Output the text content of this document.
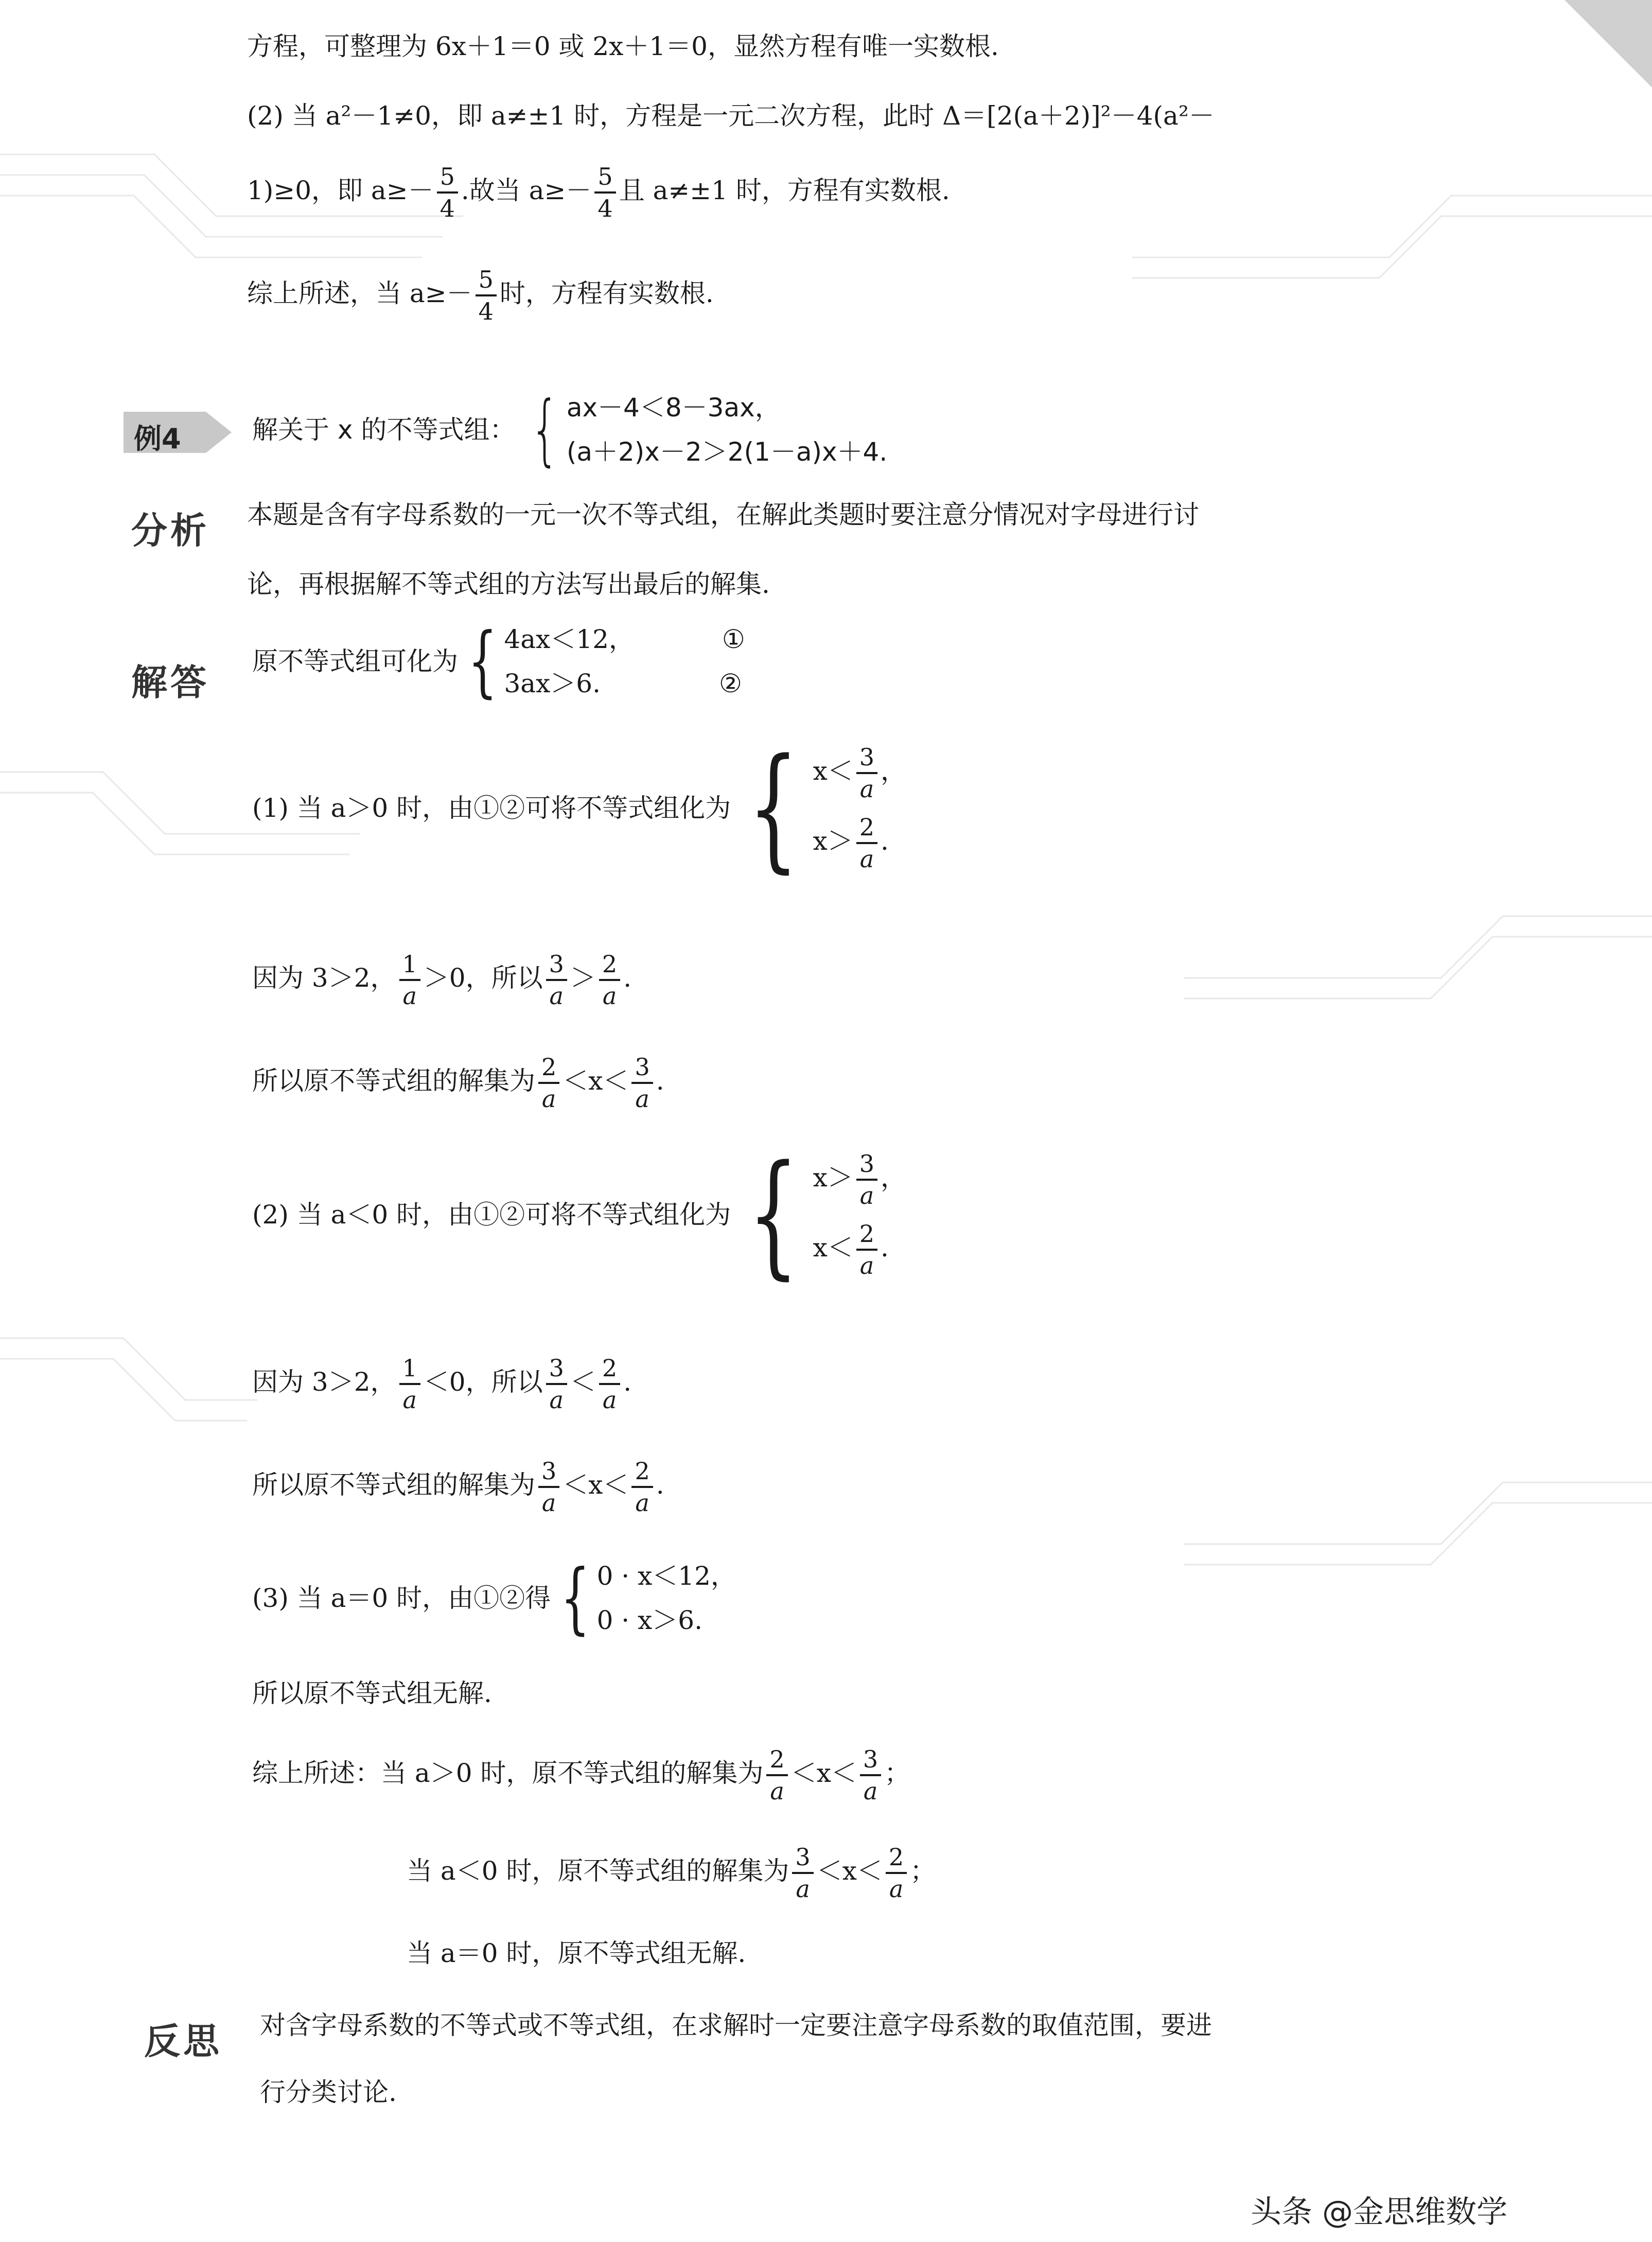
方程，可整理为 6x＋1＝0 或 2x＋1＝0，显然方程有唯一实数根.
(2) 当 a²－1≠0，即 a≠±1 时，方程是一元二次方程，此时 Δ＝[2(a＋2)]²－4(a²－
1)≥0，即 $a\ge- \frac{5}{4}$ .故当 $a\ge- \frac{5}{4}$ 且 a≠±1 时，方程有实数根.
综上所述，当 $a\ge- \frac{5}{4}$ 时，方程有实数根.
例4	解关于 x 的不等式组： { ax－4＜8－3ax，
(a＋2)x－2＞2(1－a)x＋4.
分析 本题是含有字母系数的一元一次不等式组，在解此类题时要注意分情况对字母进行讨
论，再根据解不等式组的方法写出最后的解集.
解答 原不等式组可化为 { 4ax＜12，	①
3ax＞6.	②
(1) 当 a＞0 时，由①②可将不等式组化为 { $x< \frac{3}{a}$ ，
$x> \frac{2}{a}$ .
因为 3＞2， $\frac{1}{a} >0$，所以 $\frac{3}{a} > \frac{2}{a}$ .
所以原不等式组的解集为 $\frac{2}{a} <x< \frac{3}{a}$ .
(2) 当 a＜0 时，由①②可将不等式组化为 { $x> \frac{3}{a}$ ，
$x< \frac{2}{a}$ .
因为 3＞2， $\frac{1}{a} <0$，所以 $\frac{3}{a} < \frac{2}{a}$ .
所以原不等式组的解集为 $\frac{3}{a} <x< \frac{2}{a}$ .
(3) 当 a＝0 时，由①②得 { 0 · x＜12，
0 · x＞6.
所以原不等式组无解.
综上所述：当 a＞0 时，原不等式组的解集为 $\frac{2}{a} <x< \frac{3}{a}$ ；
当 a＜0 时，原不等式组的解集为 $\frac{3}{a} <x< \frac{2}{a}$ ；
当 a＝0 时，原不等式组无解.
反思 对含字母系数的不等式或不等式组，在求解时一定要注意字母系数的取值范围，要进
行分类讨论.
头条 @金思维数学
